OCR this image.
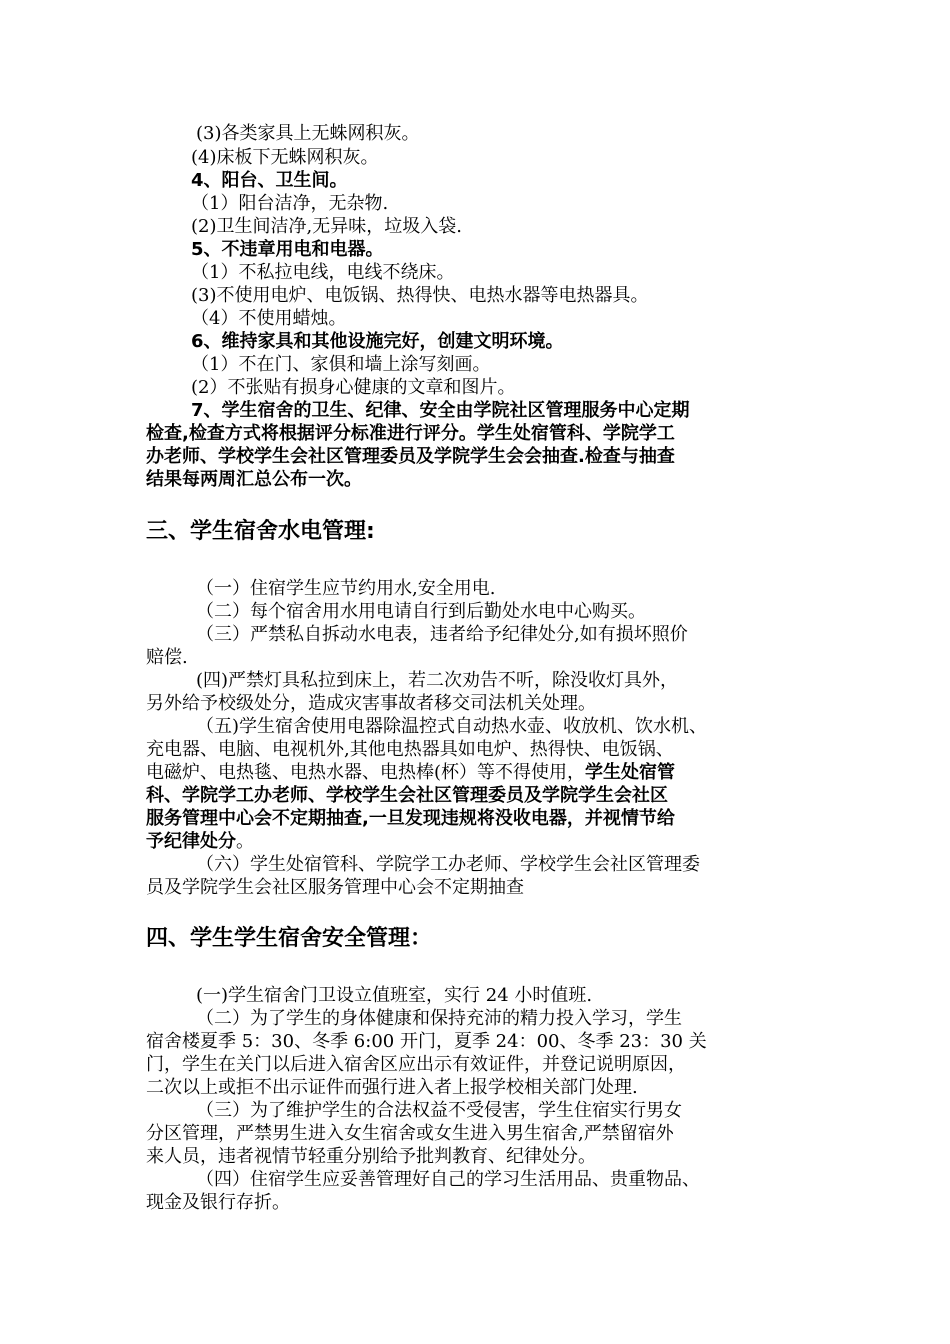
(3)各类家具上无蛛网积灰。
(4)床板下无蛛网积灰。
4、阳台、卫生间。
（1）阳台洁净，无杂物.
(2)卫生间洁净,无异味，垃圾入袋.
5、不违章用电和电器。
（1）不私拉电线，电线不绕床。
(3)不使用电炉、电饭锅、热得快、电热水器等电热器具。
（4）不使用蜡烛。
6、维持家具和其他设施完好，创建文明环境。
（1）不在门、家俱和墙上涂写刻画。
(2）不张贴有损身心健康的文章和图片。
7、学生宿舍的卫生、纪律、安全由学院社区管理服务中心定期
检查,检查方式将根据评分标准进行评分。学生处宿管科、学院学工
办老师、学校学生会社区管理委员及学院学生会会抽查.检查与抽查
结果每两周汇总公布一次。
三、学生宿舍水电管理:
（一）住宿学生应节约用水,安全用电.
（二）每个宿舍用水用电请自行到后勤处水电中心购买。
（三）严禁私自拆动水电表，违者给予纪律处分,如有损坏照价
赔偿.
(四)严禁灯具私拉到床上，若二次劝告不听，除没收灯具外，
另外给予校级处分，造成灾害事故者移交司法机关处理。
（五)学生宿舍使用电器除温控式自动热水壶、收放机、饮水机、
充电器、电脑、电视机外,其他电热器具如电炉、热得快、电饭锅、
电磁炉、电热毯、电热水器、电热棒(杯）等不得使用，学生处宿管
科、学院学工办老师、学校学生会社区管理委员及学院学生会社区
服务管理中心会不定期抽查,一旦发现违规将没收电器，并视情节给
予纪律处分。
（六）学生处宿管科、学院学工办老师、学校学生会社区管理委
员及学院学生会社区服务管理中心会不定期抽查
四、学生学生宿舍安全管理：
(一)学生宿舍门卫设立值班室，实行 24 小时值班.
（二）为了学生的身体健康和保持充沛的精力投入学习，学生
宿舍楼夏季 5：30、冬季 6:00 开门，夏季 24：00、冬季 23：30 关
门，学生在关门以后进入宿舍区应出示有效证件，并登记说明原因，
二次以上或拒不出示证件而强行进入者上报学校相关部门处理.
（三）为了维护学生的合法权益不受侵害，学生住宿实行男女
分区管理，严禁男生进入女生宿舍或女生进入男生宿舍,严禁留宿外
来人员，违者视情节轻重分别给予批判教育、纪律处分。
（四）住宿学生应妥善管理好自己的学习生活用品、贵重物品、
现金及银行存折。
